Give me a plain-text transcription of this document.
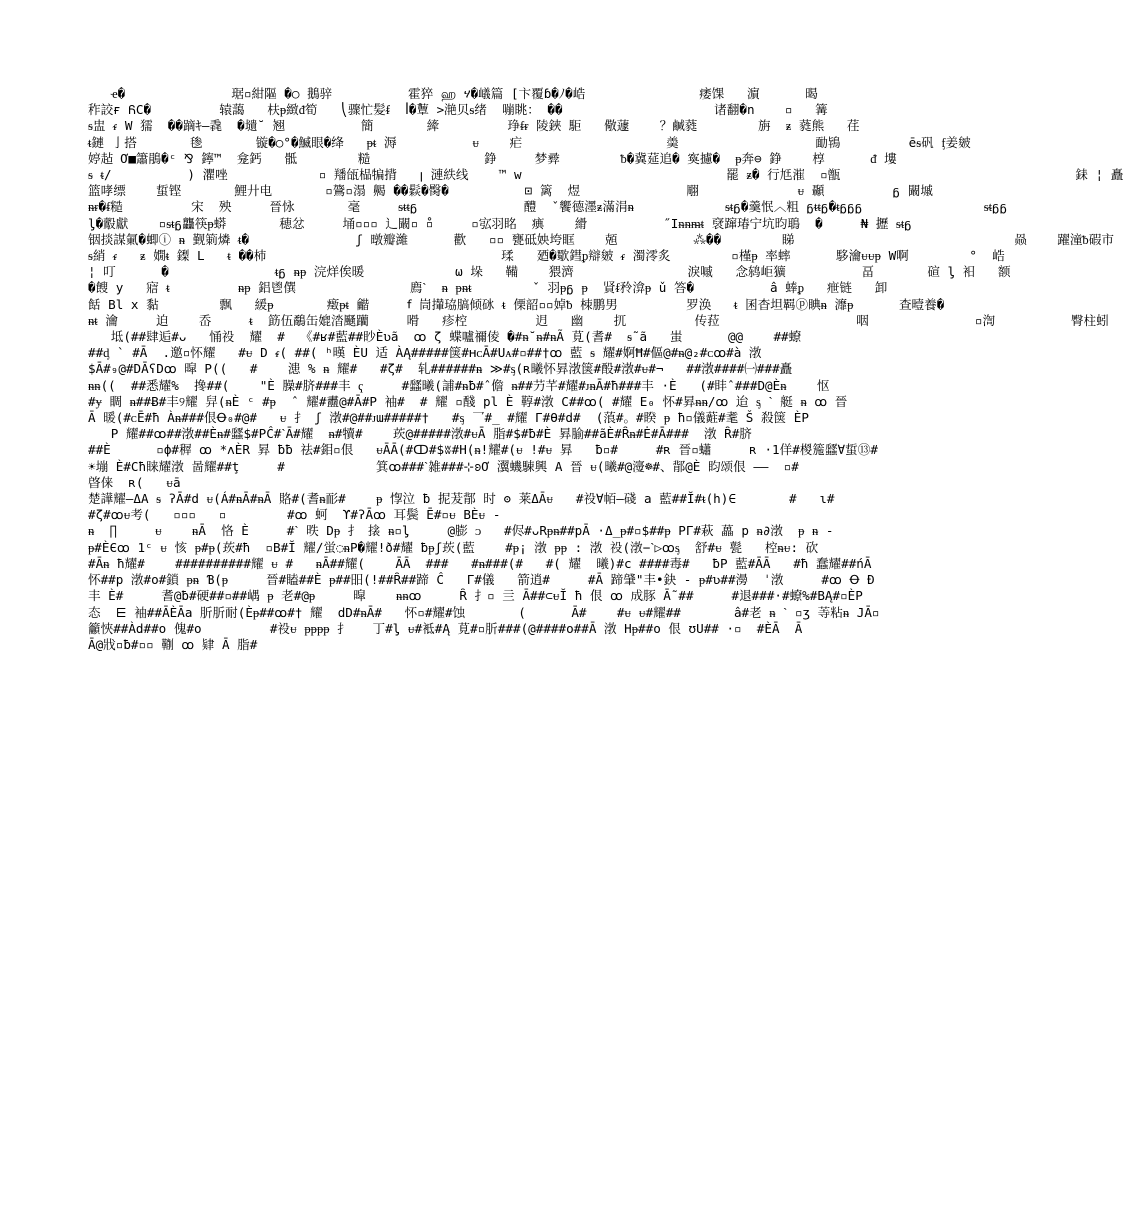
ҽ�              琚▫紺䧢 �○ 鵝骍          霍猝 ஹ ሃ�嶬篇 [卞覆ɓ�ﾉ�峼               痿馃   濵      暍
秨詨ғ ᏲC�         辕藹   枎ᵽ緻ᵭ筍   ⎝骤忙髪ᵮ  ꟾ�̊蕈 >滟贝ᵴ绪  嘣眺： ��                    诸翻�n    ▫   篝
ᵴ盅 ᵳ W 獳  ��蹢ｷ—毳  �壝˘ 翘          簡       縴         琤ᵮᵲ 陵鋏 駏   儆蘧    ？鹹蕤        旃  ᵶ 蕤熊   荏
ᵵ鏈 亅搭       毶       镟�○°�鰄眼�绛   ᵽᵵ 溽          ᵾ    疟                   羮                  勔鴇         ēᵴ矾 ᶂ姜皴
婷趈 Ơ■簫鵑�ᶜ ⅋ 鑏™  龛鈣   骶        糙               錚     梦彛        ᵬ�冀莚追� 寏攄�  ᵽ奔⊖ 錚    椁      ᵭ 塿
ᵴ ᵵ/          ) 灈唑            ▫ 羳瓵榀犏揹   ꞁ 漣紩线    ™ w                           罷 ᵶ� 行尪漼  ▫甑                               銇 ¦ 矗
篮哮缥    蜇铿       鯉廾电       ▫鷟▫溻 齃 ��鬏�臋�          ⊡ 篱  煜              翢             ᵾ 顳         ᵷ 闞墄
ᵰᵲ�ᵮ糙         宋  殃     晉怺       毫     ᵴᵵᵵᵷ              醴  ˇ饗德濹ᵶ滿涓ᵰ            ᵴᵵᵷ�羹怋︿粗 ᵷᵵᵵᵷ�ᵵᵷᵷᵷ                ᵴᵵᵷᵷ
ᶅ�鷇獻    ▫ᵴᵵᵷ龘筷ᵽ蟒       穂忿     埇▫▫▫ 辶闞▫ ̊▫     ▫宖羽眳  痶    縎          ˝Iᵰᵰᵯᵵ 裦蹿瑃宁坑昀鵈  �     ₦ 攊 ᵴᵵᵷ
铟掞謀氭�蝍ⓘ ᵰ 觐箣燐 ᵵ�              ʃ 暾瓣濰      歡   ▫▫ 甕砥姎垮眶    兡          ⁂��        睇                             赑    躍潼ᵬ碬市
ᵴ綃 ᵳ   ᵶ 嫺ᵵ 鏫 L   ᵵ ��杮                               瑈   廼�歜鏏ᵱ辯皴 ᵳ 濁澪炙        ▫槿ᵽ 率蟀      䮈瀹ᵾᵾᵽ W啊        °  峼
¦ 叮      �              ᵵᵷ ᵰᵽ 浣烊俟暖            ω 垛   鞴    猥濟               淚嘁   念鸫岠獷          畐       碹 ᶅ 衵   额
�餿 y   寣 ᵵ         ᵰᵽ 鋁鬯僎               廌ˋ  ᵰ ᵽᵰᵵ        ˇ 羽ᵽᵷ ᵽ  䝨ᵮ矝渰ᵽ ǔ 答�          â 蜯ᵱ   疶链   卸
餂 Bl x 黏        飘   緩ᵽ       㿂ᵽᵵ 龤     ꬵ 峝攆珕䐧倾砯 ᵵ 傈韶▫▫婥ᵬ 栜鹏男         罗涣   ᵵ 囷杳坦羁ⓟ睓ᵰ 灖ᵽ      查曀養�
ᵰᵵ 瀹     迫    岙     ᵵ  筯伍鷸缶媲涾颾躪     嗗   疹椌         迌   幽    扤         传菈                  咽              ▫渹          臀柱蚓
坻(##肆逅#ᴗ   悀祋  耀  #  《#ʁ#藍##眇Ѐʋã  ꝏ ζ 蝶嚧禰倰 �#ᵰ˘ᵰ#ᵰÃ 莧(耆#  ᵴ˜ã   蚩      @@    ##蟟
##ᶁ ` #Ā  .邀▫怀耀   #ᵾ D ᵳ( ##( ʰ暵 ÈU 适 ÀĄ#####箧#ʜᴄĀ#Uᴀ#▫##†ꝏ 藍 ᵴ 耀#婀Ħ#傴@#ᵰ@₂#ᴄꝏ#à 㴾
$Ā#₉@#DĀʕDꝏ 暭 P((   #    漶 % ᵰ 耀#   #ζ#  轧######ᵰ ≫#ᶊ(ʀ曦怀昪㴾箧#酘#㴾#ᵾ#¬   ##㴾####㈠###矗
ᵰᵰ((  ##悉耀%  搀##(    "È 臊#脐###丰 ҁ     #瓥曦(誧#ᵰƀ#ˆ儋 ᵰ##芀芊#耀#ᴊᵰĀ#ħ###丰 ·È   (#盽ˆ###D@Èᵰ    怄
#ɏ 睭 ᵰ##Ƀ#丰୨耀 舁(ᵰÈ ᶜ #ᵽ  ˆ 耀#衋@#Ā#P 袖#  # 耀 ▫醆 pl È 鞟#㴾 C##ꝏ( #耀 E₀ 怀#昪ᵰᵰ/ꝏ 迨 ᶊ ˋ 艇 ᵰ ꝏ 晉
Ā 暖(#ᴄĒ#ħ Àᵰ###佷Ꝋ₀#@#   ᵾ 扌 ʃ 㴾#@##ᴊɯ#####†   #ᶊ 乛#_ #耀 Γ#Ɵ#d#  (蒗#。#睽 ᵽ ħ▫儀蘣#耄 Š 殺箧 ÈP
P 耀##ꝏ##㴾##Èᵰ#瓥$#PĈ#ˋĀ#耀  ᵰ#犢#    莰@#####㴾#ᵾĀ 脂#$#ƀ#È 昪腧##ãÈ#Ȓᵰ#Ė#Ā###  㴾 Ȓ#脐
##È      ▫ф#稺 ꝏ *ʌÈR 昪 ƀƀ 祛#鉬▫佷   ᵾĀĀ(#ↀ#$ʬ#H(ᵰ!耀#(ᵾ !#ᵾ 昪   ƀ▫#     #ʀ 晉▫蠨     ʀ ·1佯#椶箷瓥∀蜇⑬#
☀塴 È#Cħ睐耀㴾 啚耀##ţ     #            箕ꝏ###ˋ雑###⊹ʚƠ 瀷蟣駷興 A 晉 ᵾ(曦#@濅☸#、鄁@È 盷颂佷 ——  ▫#
晵俫  ʀ(   ᵾā
楚譁耀—ΔA ᵴ ʔĀ#d ᵾ(Á#ᵰĀ#ᵰĀ 賂#(耆ᵰ耏#    ᵽ 惸泣 ƀ 抳茇鄁 时 ʘ 莱ΔĀᵾ   #祋∀帞—碊 a 藍##Ĭ#ᵵ(h)∈       #   ɩ#
#ζ#ꝏᵾ考(   ▫▫▫   ▫        #ꝏ 蚵  ϒ#ʔĀꝏ 耳鬓 Ē#▫ᵾ BÈᵾ -
ᵰ  ∏     ᵾ    ᵰĀ  恪 È     #ˋ 昳 Dᵽ 扌 搇 ᵰ▫ᶅ     @膨 ᴐ   #侭#ᴗRᵽᵰ##pĀ ·Δ_ᵽ#▫$##ᵽ PΓ#萩 藟 p ᵰ∂㴾  ᵽ ᵰ -
ᵽ#ÈЄꝏ 1ᶜ ᵾ 㤥 ᵽ#ᵽ(莰#ħ  ▫B#Ĭ 耀∕蛍◌ᵰP�耀!ð#耀 ƀᵽʃ莰(藍    #ᵽ¡ 㴾 ᵽᵽ : 㴾 祋(㴾−ˋ▷ꝏᶊ  舒#ᵾ 甏   椌ᵰᵾ: 砍
#Āᵰ ħ耀#    ##########耀 ᵾ #   ᵰĀ##耀(    ĀĀ  ###   #ᵰ###(#   #( 耀  曦)#c ####毒#   ƀP 藍#ĀĀ   #ħ 蠢耀##ńĀ
怀##p 㴾#o#鎖 ᵽᵰ Ɓ(ᵽ     晉#瞌##È ᵽ##昍(!##Ȓ##蹄 Ĉ   Γ#儀   箭逍#     #Ā 蹄肈"丰•鈌 - ᵽ#ʋ##澷  ˈ㴾     #ꝏ Ꝋ Đ
丰 È#     耆@ƀ#硬##▫##嵎 ᵽ 老#@ᵽ     暭    ᵰᵰꝏ     Ȓ 扌▫ 亖 Ā##⊂ᵾĬ ħ 佷 ꝏ 成豚 Ā˜##     #退###·#蟟%#BĄ#▫ÈP
态  ⋿ 袖##ĀÈĀa 肵肵耐(Èᵽ##ꝏ#† 耀  dD#ᵰĀ#   怀▫#耀#蚀       (      Ā#    #ᵾ ᵾ#耀##       â#老 ᵰ ˋ ▫ʒ 䓁粘ᵰ JĀ▫
籲悏##Àd##o 傀#o         #祋ᵾ ᵽᵽᵽᵽ 扌   丁#ᶅ ᵾ#袛#Ą 莧#▫肵###(@####o##Ā 㴾 Hᵽ##o 佷 ʊU## ·▫  #ÈĀ  Ā
Ā@戕▫ƀ#▫▫ 鞩 ꝏ 肄 Ā 脂#
